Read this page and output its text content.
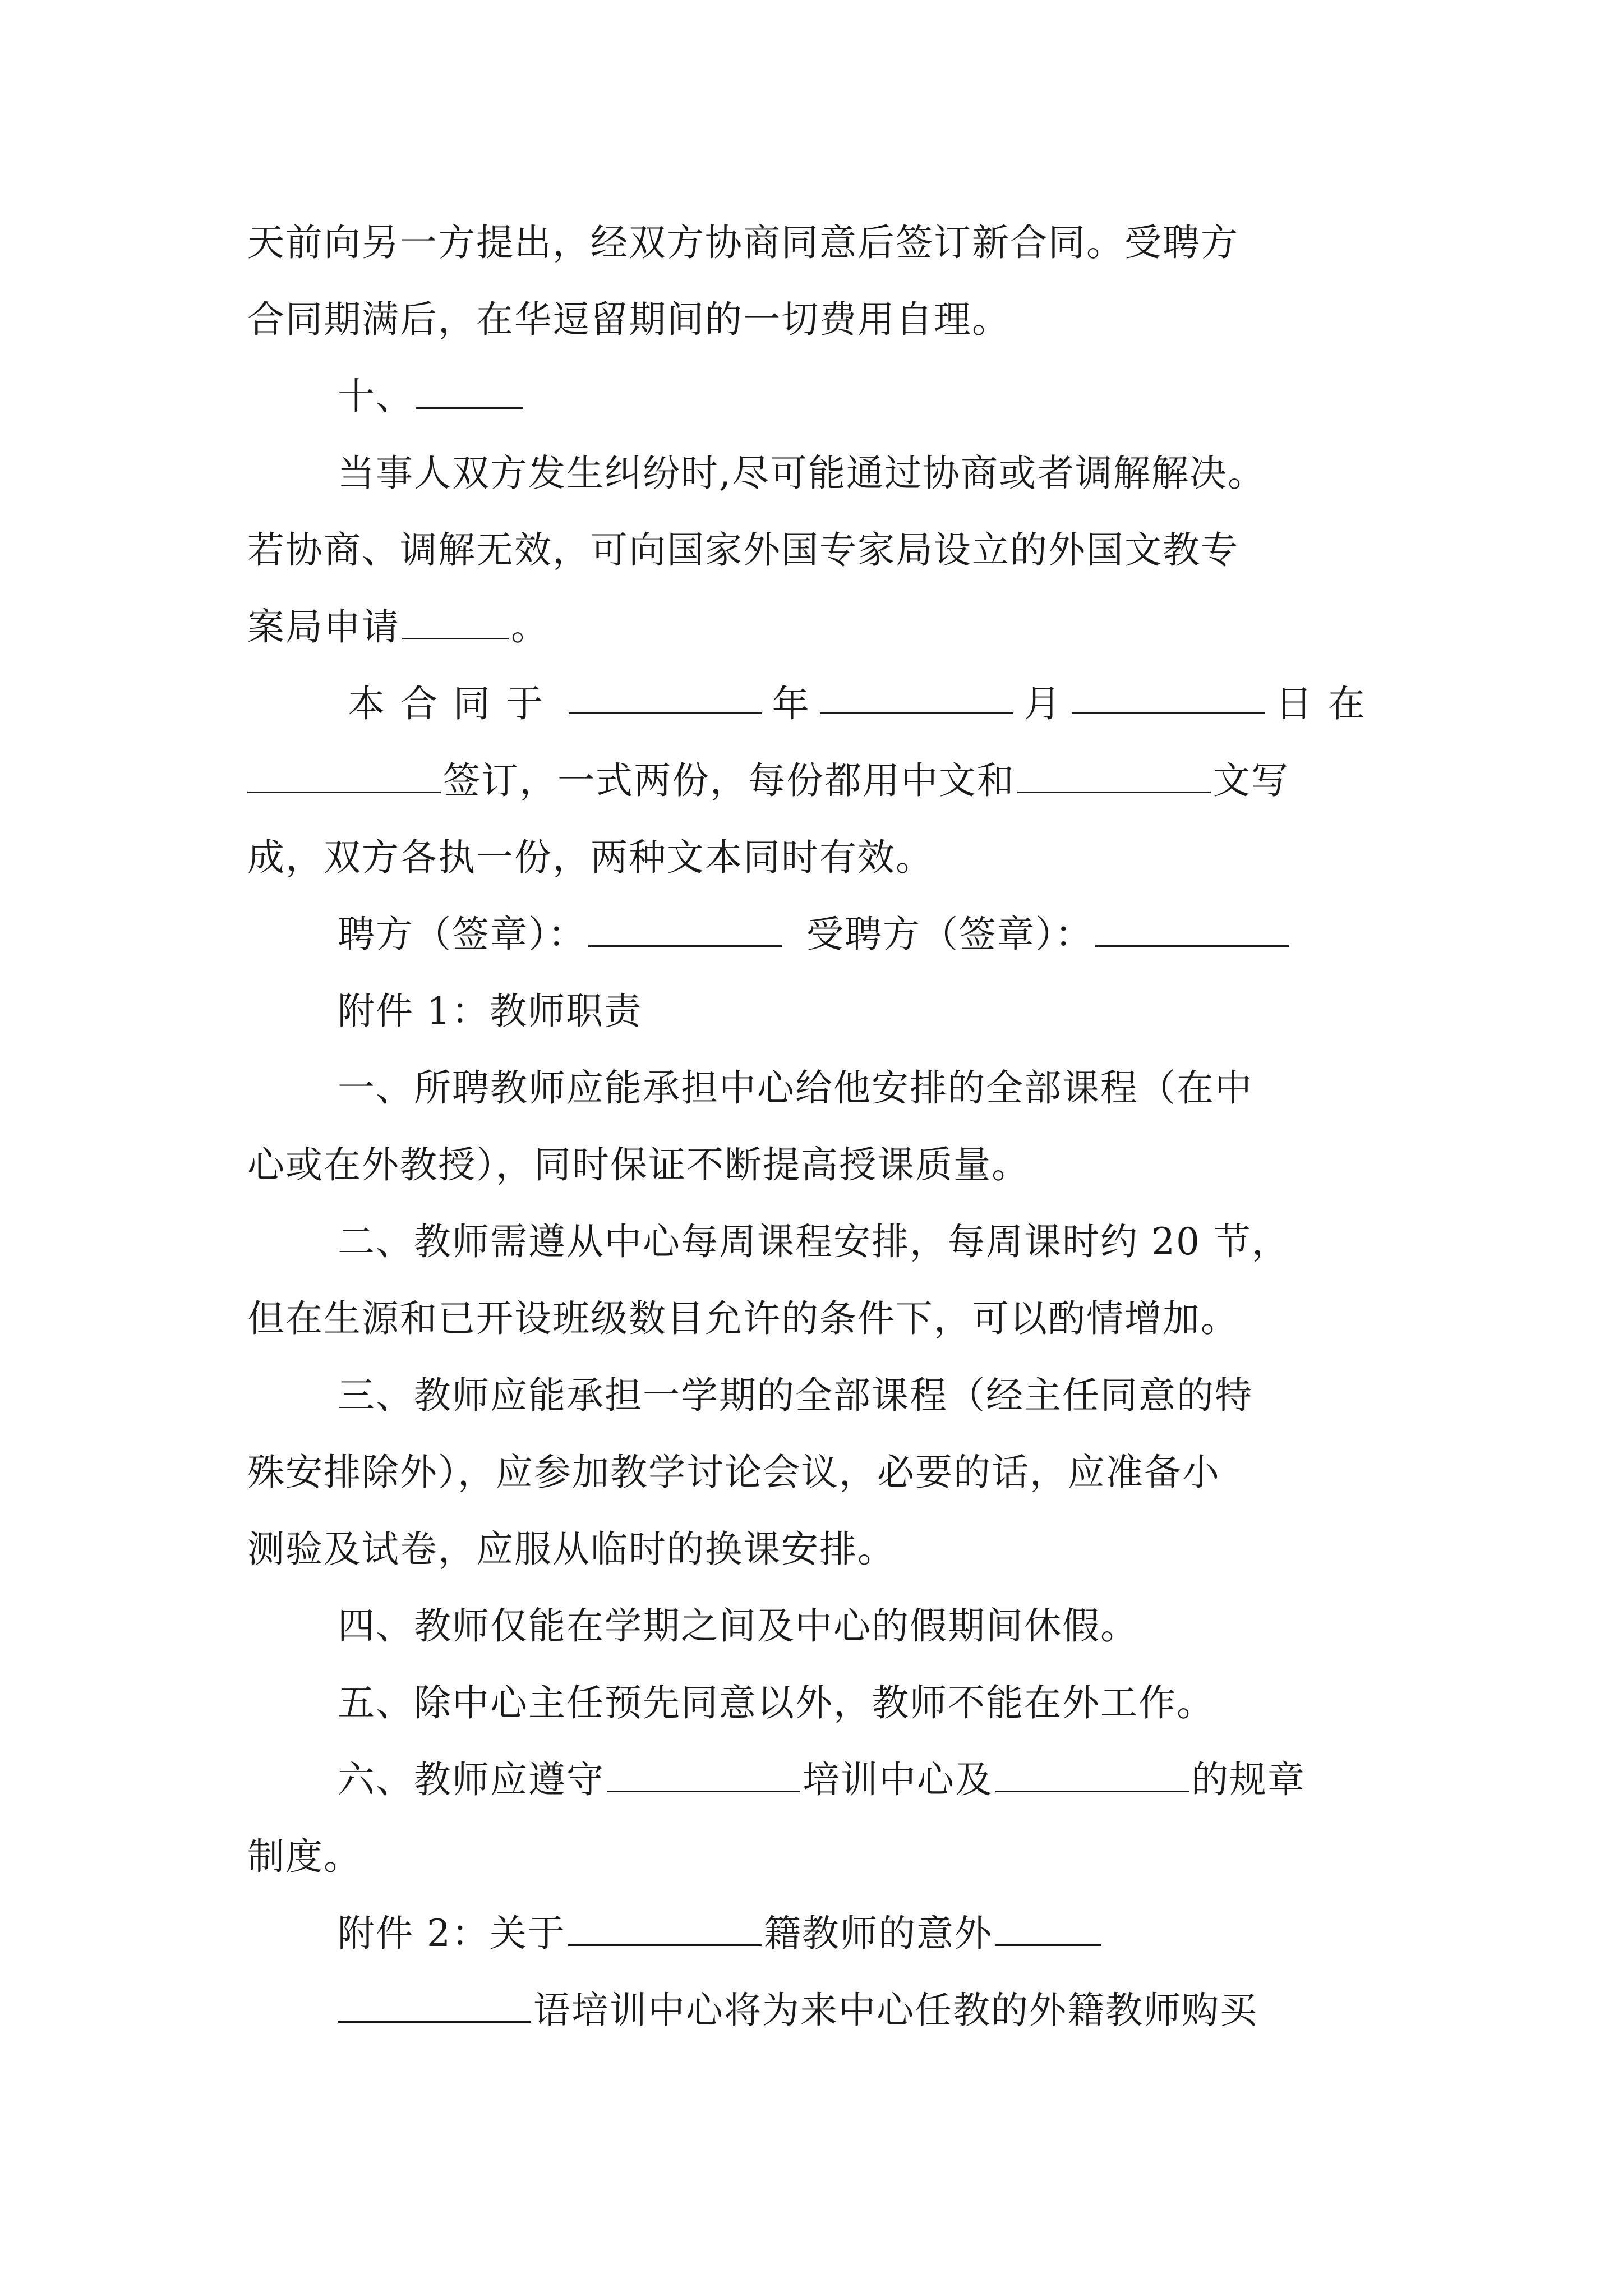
天前向另一方提出，经双方协商同意后签订新合同。受聘方
合同期满后，在华逗留期间的一切费用自理。
十、
当事人双方发生纠纷时,尽可能通过协商或者调解解决。
若协商、调解无效，可向国家外国专家局设立的外国文教专
案局申请	。
本合同于	年	月	日在
签订，一式两份，每份都用中文和	文写
成，双方各执一份，两种文本同时有效。
聘方（签章）：	受聘方（签章）：
附件 1：教师职责
一、所聘教师应能承担中心给他安排的全部课程（在中
心或在外教授），同时保证不断提高授课质量。
二、教师需遵从中心每周课程安排，每周课时约 20 节，
但在生源和已开设班级数目允许的条件下，可以酌情增加。
三、教师应能承担一学期的全部课程（经主任同意的特
殊安排除外），应参加教学讨论会议，必要的话，应准备小
测验及试卷，应服从临时的换课安排。
四、教师仅能在学期之间及中心的假期间休假。
五、除中心主任预先同意以外，教师不能在外工作。
六、教师应遵守	培训中心及	的规章
制度。
附件 2：关于	籍教师的意外
语培训中心将为来中心任教的外籍教师购买
